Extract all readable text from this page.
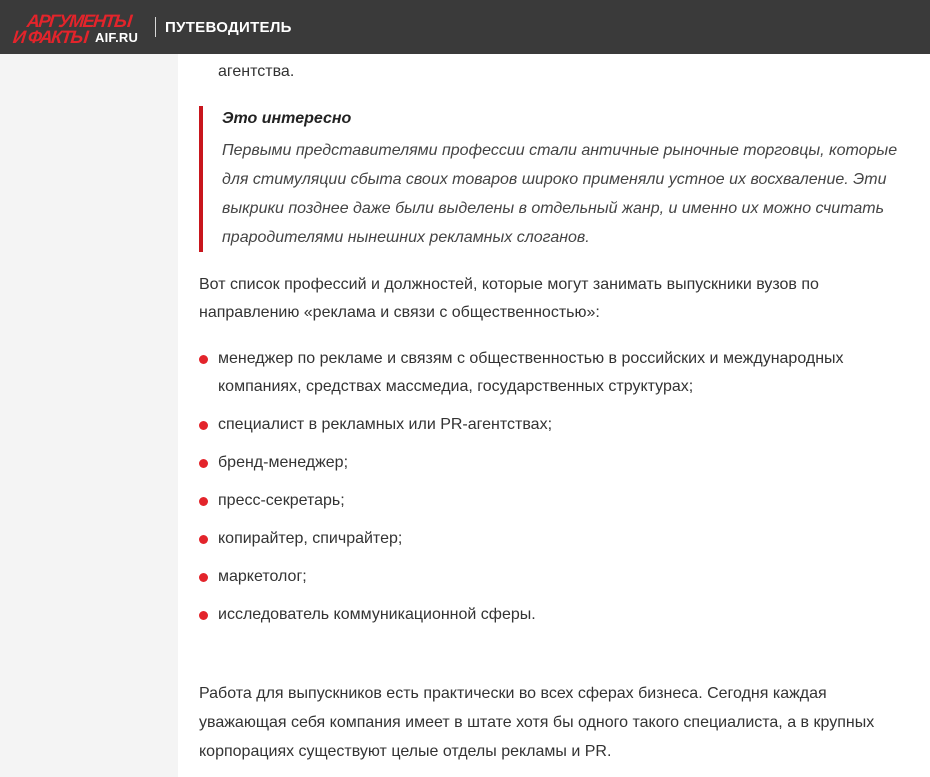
АРГУМЕНТЫ
И ФАКТЫ AIF.RU
ПУТЕВОДИТЕЛЬ
агентства.
Это интересно
Первыми представителями профессии стали античные рыночные торговцы, которые для стимуляции сбыта своих товаров широко применяли устное их восхваление. Эти выкрики позднее даже были выделены в отдельный жанр, и именно их можно считать прародителями нынешних рекламных слоганов.
Вот список профессий и должностей, которые могут занимать выпускники вузов по направлению «реклама и связи с общественностью»:
менеджер по рекламе и связям с общественностью в российских и международных компаниях, средствах массмедиа, государственных структурах;
специалист в рекламных или PR-агентствах;
бренд-менеджер;
пресс-секретарь;
копирайтер, спичрайтер;
маркетолог;
исследователь коммуникационной сферы.
Работа для выпускников есть практически во всех сферах бизнеса. Сегодня каждая уважающая себя компания имеет в штате хотя бы одного такого специалиста, а в крупных корпорациях существуют целые отделы рекламы и PR.
